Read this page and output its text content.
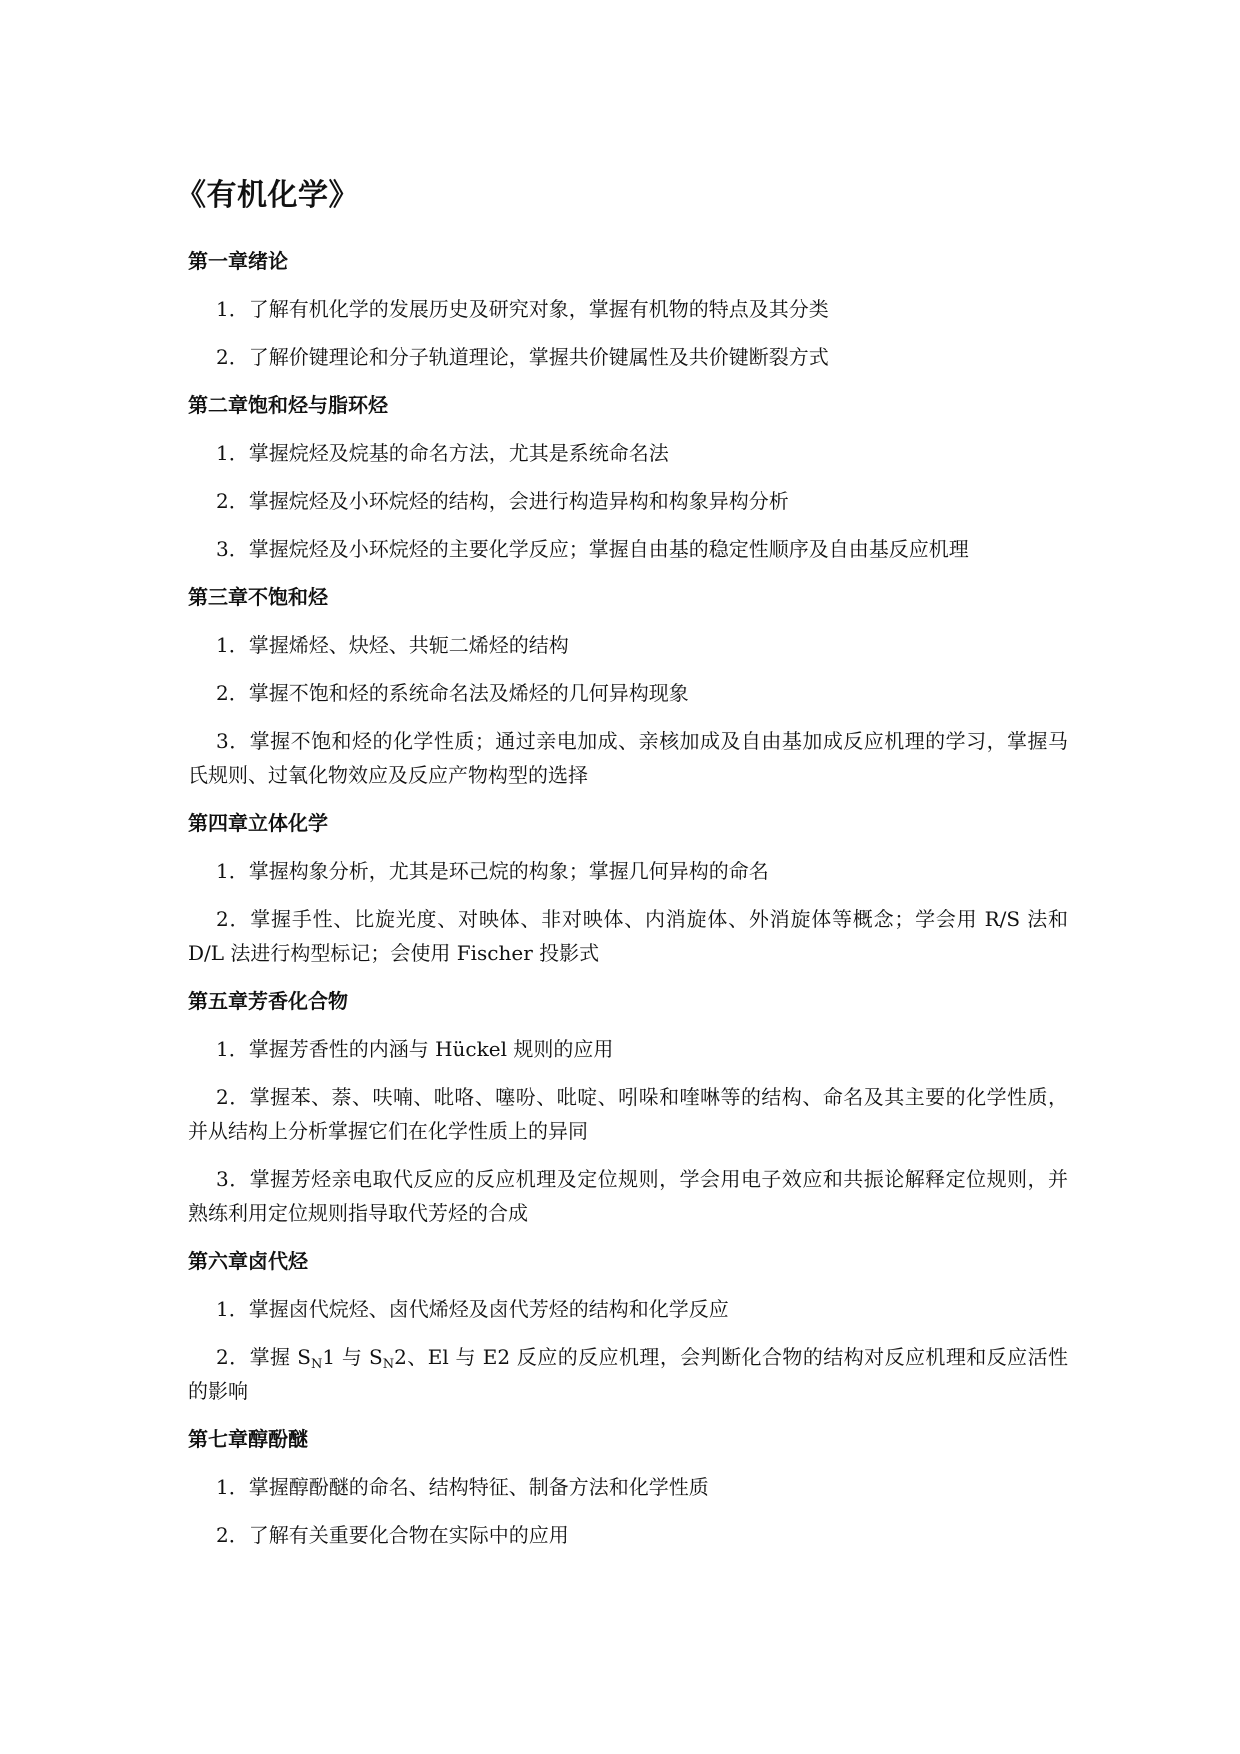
《有机化学》
第一章绪论

1．了解有机化学的发展历史及研究对象，掌握有机物的特点及其分类

2．了解价键理论和分子轨道理论，掌握共价键属性及共价键断裂方式

第二章饱和烃与脂环烃

1．掌握烷烃及烷基的命名方法，尤其是系统命名法

2．掌握烷烃及小环烷烃的结构，会进行构造异构和构象异构分析

3．掌握烷烃及小环烷烃的主要化学反应；掌握自由基的稳定性顺序及自由基反应机理

第三章不饱和烃

1．掌握烯烃、炔烃、共轭二烯烃的结构

2．掌握不饱和烃的系统命名法及烯烃的几何异构现象

3．掌握不饱和烃的化学性质；通过亲电加成、亲核加成及自由基加成反应机理的学习，掌握马氏规则、过氧化物效应及反应产物构型的选择

第四章立体化学

1．掌握构象分析，尤其是环己烷的构象；掌握几何异构的命名

2．掌握手性、比旋光度、对映体、非对映体、内消旋体、外消旋体等概念；学会用 R/S 法和 D/L 法进行构型标记；会使用 Fischer 投影式

第五章芳香化合物

1．掌握芳香性的内涵与 Hückel 规则的应用

2．掌握苯、萘、呋喃、吡咯、噻吩、吡啶、吲哚和喹啉等的结构、命名及其主要的化学性质，并从结构上分析掌握它们在化学性质上的异同

3．掌握芳烃亲电取代反应的反应机理及定位规则，学会用电子效应和共振论解释定位规则，并熟练利用定位规则指导取代芳烃的合成

第六章卤代烃

1．掌握卤代烷烃、卤代烯烃及卤代芳烃的结构和化学反应

2．掌握 $S_N1$ 与 $S_N2$、El 与 E2 反应的反应机理，会判断化合物的结构对反应机理和反应活性的影响

第七章醇酚醚

1．掌握醇酚醚的命名、结构特征、制备方法和化学性质

2．了解有关重要化合物在实际中的应用
